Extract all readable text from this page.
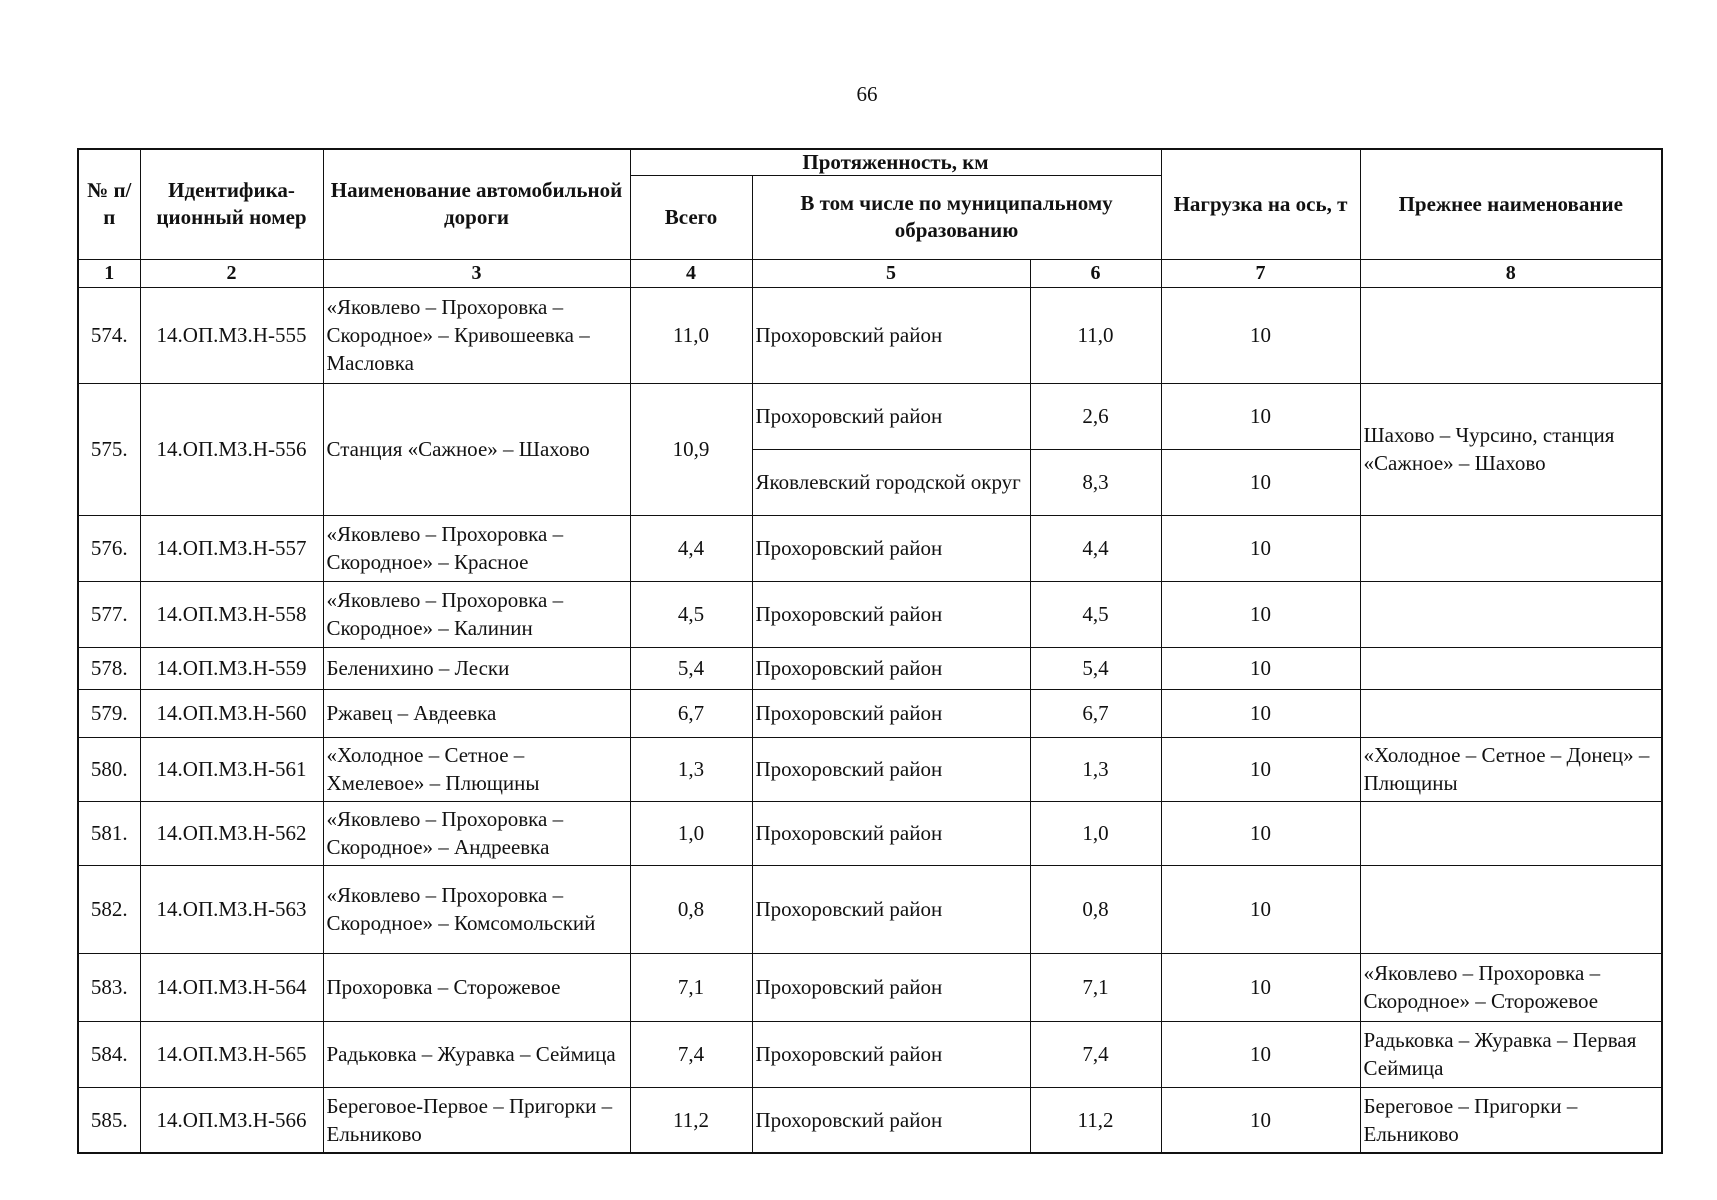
66
№ п/п	Идентифика- ционный номер	Наименование автомобильной дороги	Протяженность, км			Нагрузка на ось, т	Прежнее наименование
			Всего	В том числе по муниципальному образованию			
1	2	3	4	5	6	7	8
574.	14.ОП.МЗ.Н-555	«Яковлево – Прохоровка – Скородное» – Кривошеевка – Масловка	11,0	Прохоровский район	11,0	10	
575.	14.ОП.МЗ.Н-556	Станция «Сажное» – Шахово	10,9	Прохоровский район	2,6	10	Шахово – Чурсино, станция «Сажное» – Шахово
				Яковлевский городской округ	8,3	10	
576.	14.ОП.МЗ.Н-557	«Яковлево – Прохоровка – Скородное» – Красное	4,4	Прохоровский район	4,4	10	
577.	14.ОП.МЗ.Н-558	«Яковлево – Прохоровка – Скородное» – Калинин	4,5	Прохоровский район	4,5	10	
578.	14.ОП.МЗ.Н-559	Беленихино – Лески	5,4	Прохоровский район	5,4	10	
579.	14.ОП.МЗ.Н-560	Ржавец – Авдеевка	6,7	Прохоровский район	6,7	10	
580.	14.ОП.МЗ.Н-561	«Холодное – Сетное – Хмелевое» – Плющины	1,3	Прохоровский район	1,3	10	«Холодное – Сетное – Донец» – Плющины
581.	14.ОП.МЗ.Н-562	«Яковлево – Прохоровка – Скородное» – Андреевка	1,0	Прохоровский район	1,0	10	
582.	14.ОП.МЗ.Н-563	«Яковлево – Прохоровка – Скородное» – Комсомольский	0,8	Прохоровский район	0,8	10	
583.	14.ОП.МЗ.Н-564	Прохоровка – Сторожевое	7,1	Прохоровский район	7,1	10	«Яковлево – Прохоровка – Скородное» – Сторожевое
584.	14.ОП.МЗ.Н-565	Радьковка – Журавка – Сеймица	7,4	Прохоровский район	7,4	10	Радьковка – Журавка – Первая Сеймица
585.	14.ОП.МЗ.Н-566	Береговое-Первое – Пригорки – Ельниково	11,2	Прохоровский район	11,2	10	Береговое – Пригорки – Ельниково
